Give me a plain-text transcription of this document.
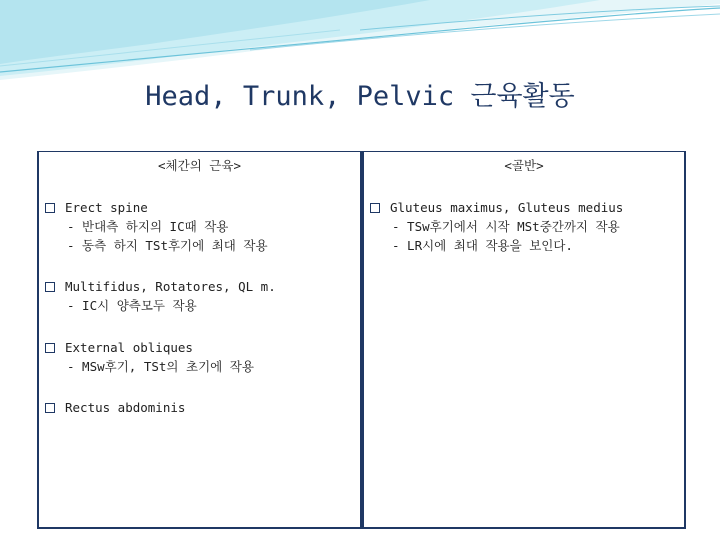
Head, Trunk, Pelvic 근육활동
<체간의 근육>
Erect spine
- 반대측 하지의 IC때 작용
- 동측 하지 TSt후기에 최대 작용
Multifidus, Rotatores, QL m.
- IC시 양측모두 작용
External obliques
- MSw후기, TSt의 초기에 작용
Rectus abdominis
<골반>
Gluteus maximus, Gluteus medius
- TSw후기에서 시작 MSt중간까지 작용
- LR시에 최대 작용을 보인다.
